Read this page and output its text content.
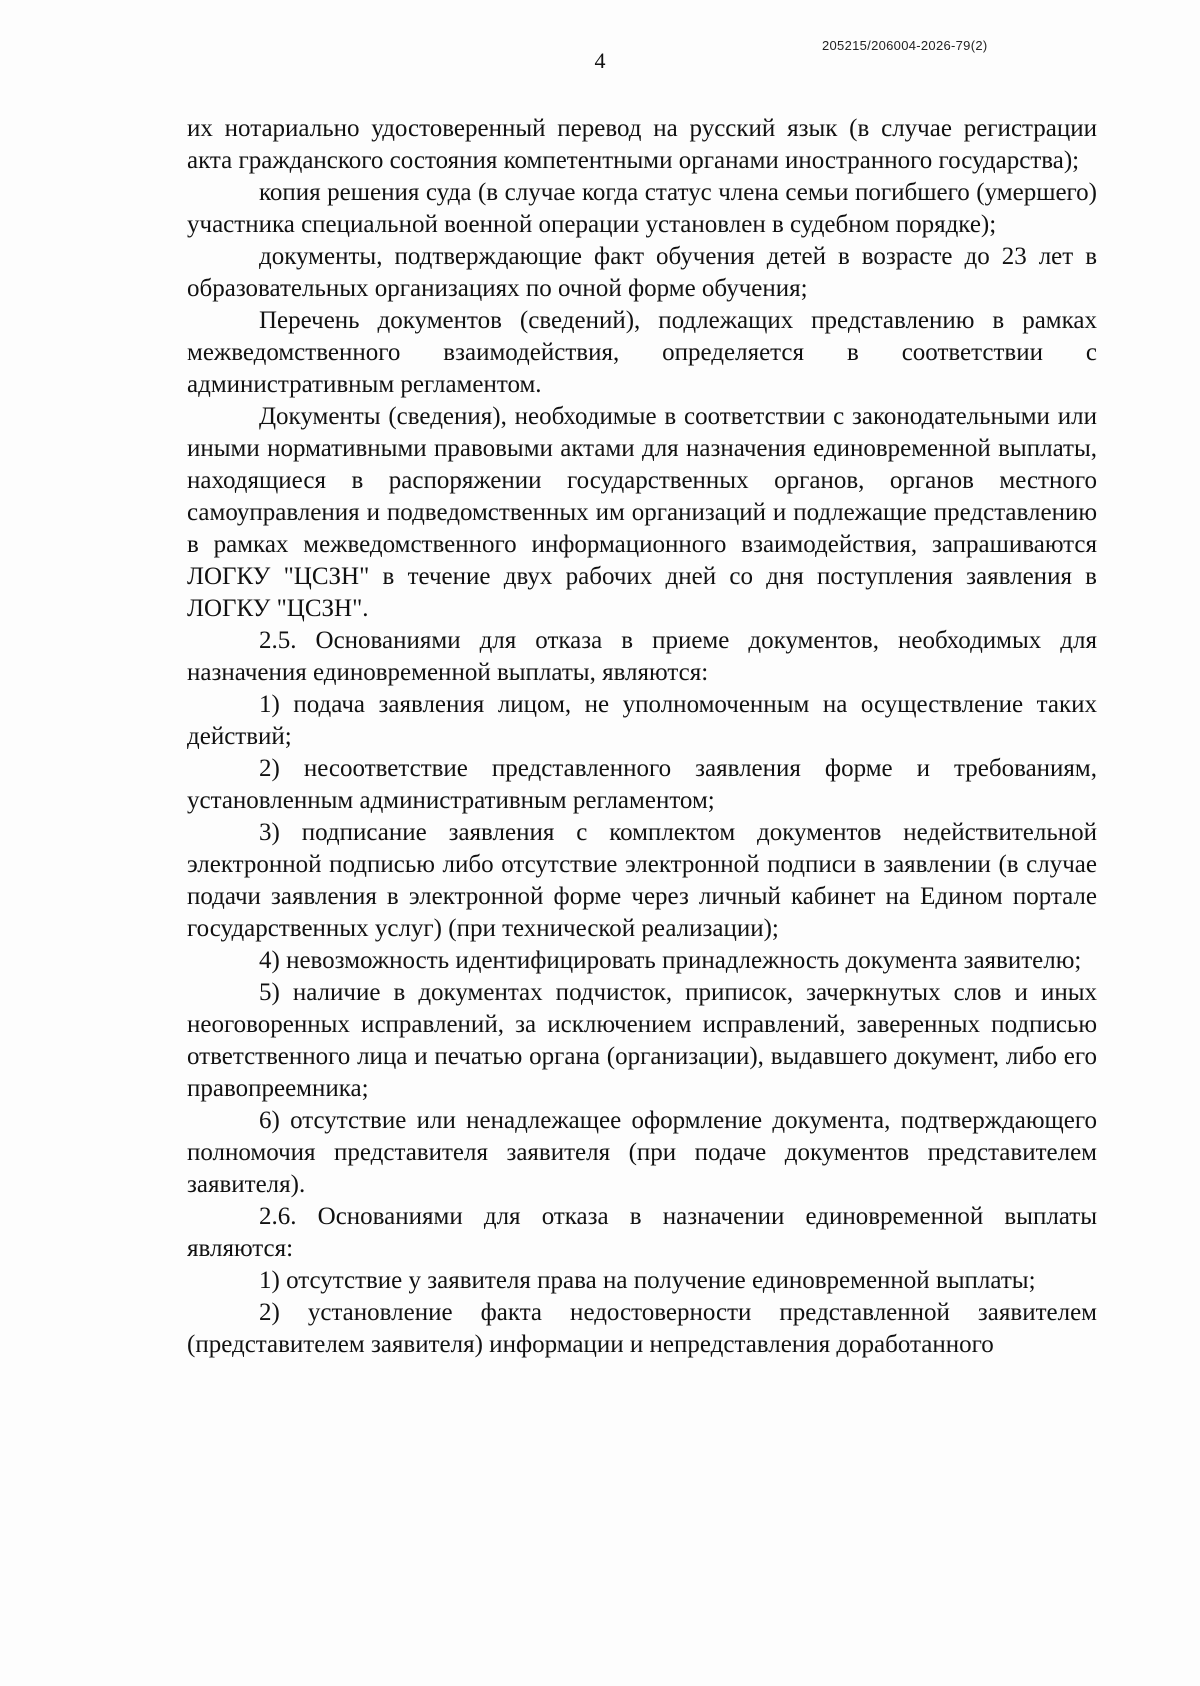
4
205215/206004-2026-79(2)

их нотариально удостоверенный перевод на русский язык (в случае регистрации акта гражданского состояния компетентными органами иностранного государства);

копия решения суда (в случае когда статус члена семьи погибшего (умершего) участника специальной военной операции установлен в судебном порядке);

документы, подтверждающие факт обучения детей в возрасте до 23 лет в образовательных организациях по очной форме обучения;

Перечень документов (сведений), подлежащих представлению в рамках межведомственного взаимодействия, определяется в соответствии с административным регламентом.

Документы (сведения), необходимые в соответствии с законодательными или иными нормативными правовыми актами для назначения единовременной выплаты, находящиеся в распоряжении государственных органов, органов местного самоуправления и подведомственных им организаций и подлежащие представлению в рамках межведомственного информационного взаимодействия, запрашиваются ЛОГКУ "ЦСЗН" в течение двух рабочих дней со дня поступления заявления в ЛОГКУ "ЦСЗН".

2.5. Основаниями для отказа в приеме документов, необходимых для назначения единовременной выплаты, являются:

1) подача заявления лицом, не уполномоченным на осуществление таких действий;

2) несоответствие представленного заявления форме и требованиям, установленным административным регламентом;

3) подписание заявления с комплектом документов недействительной электронной подписью либо отсутствие электронной подписи в заявлении (в случае подачи заявления в электронной форме через личный кабинет на Едином портале государственных услуг) (при технической реализации);

4) невозможность идентифицировать принадлежность документа заявителю;

5) наличие в документах подчисток, приписок, зачеркнутых слов и иных неоговоренных исправлений, за исключением исправлений, заверенных подписью ответственного лица и печатью органа (организации), выдавшего документ, либо его правопреемника;

6) отсутствие или ненадлежащее оформление документа, подтверждающего полномочия представителя заявителя (при подаче документов представителем заявителя).

2.6. Основаниями для отказа в назначении единовременной выплаты являются:

1) отсутствие у заявителя права на получение единовременной выплаты;

2) установление факта недостоверности представленной заявителем (представителем заявителя) информации и непредставления доработанного
